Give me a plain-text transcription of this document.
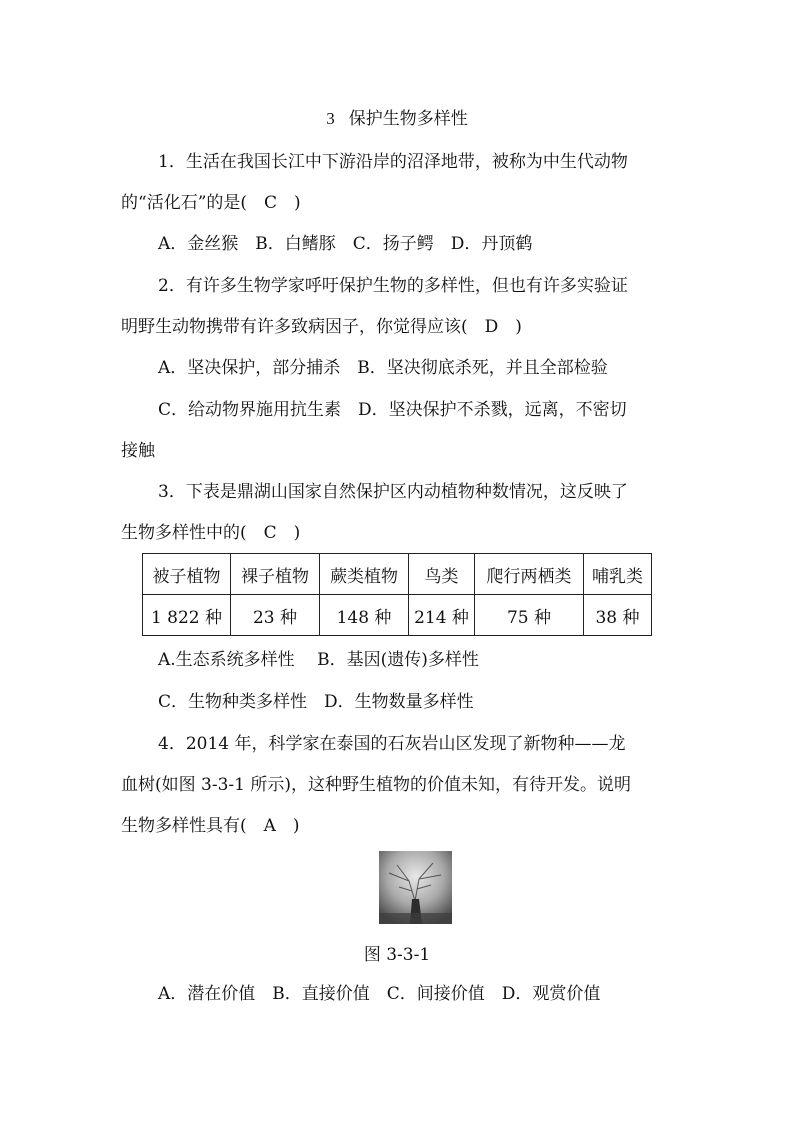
3 保护生物多样性
1．生活在我国长江中下游沿岸的沼泽地带，被称为中生代动物
的“活化石”的是(　C　)
A．金丝猴　B．白鳍豚　C．扬子鳄　D．丹顶鹤
2．有许多生物学家呼吁保护生物的多样性，但也有许多实验证
明野生动物携带有许多致病因子，你觉得应该(　D　)
A．坚决保护，部分捕杀　B．坚决彻底杀死，并且全部检验
C．给动物界施用抗生素　D．坚决保护不杀戮，远离，不密切
接触
3．下表是鼎湖山国家自然保护区内动植物种数情况，这反映了
生物多样性中的(　C　)
被子植物	裸子植物	蕨类植物	鸟类	爬行两栖类	哺乳类
1 822 种	23 种	148 种	214 种	75 种	38 种
A.生态系统多样性　 B．基因(遗传)多样性
C．生物种类多样性　D．生物数量多样性
4．2014 年，科学家在泰国的石灰岩山区发现了新物种——龙
血树(如图 3-3-1 所示)，这种野生植物的价值未知，有待开发。说明
生物多样性具有(　A　)
图 3-3-1
A．潜在价值　B．直接价值　C．间接价值　D．观赏价值
